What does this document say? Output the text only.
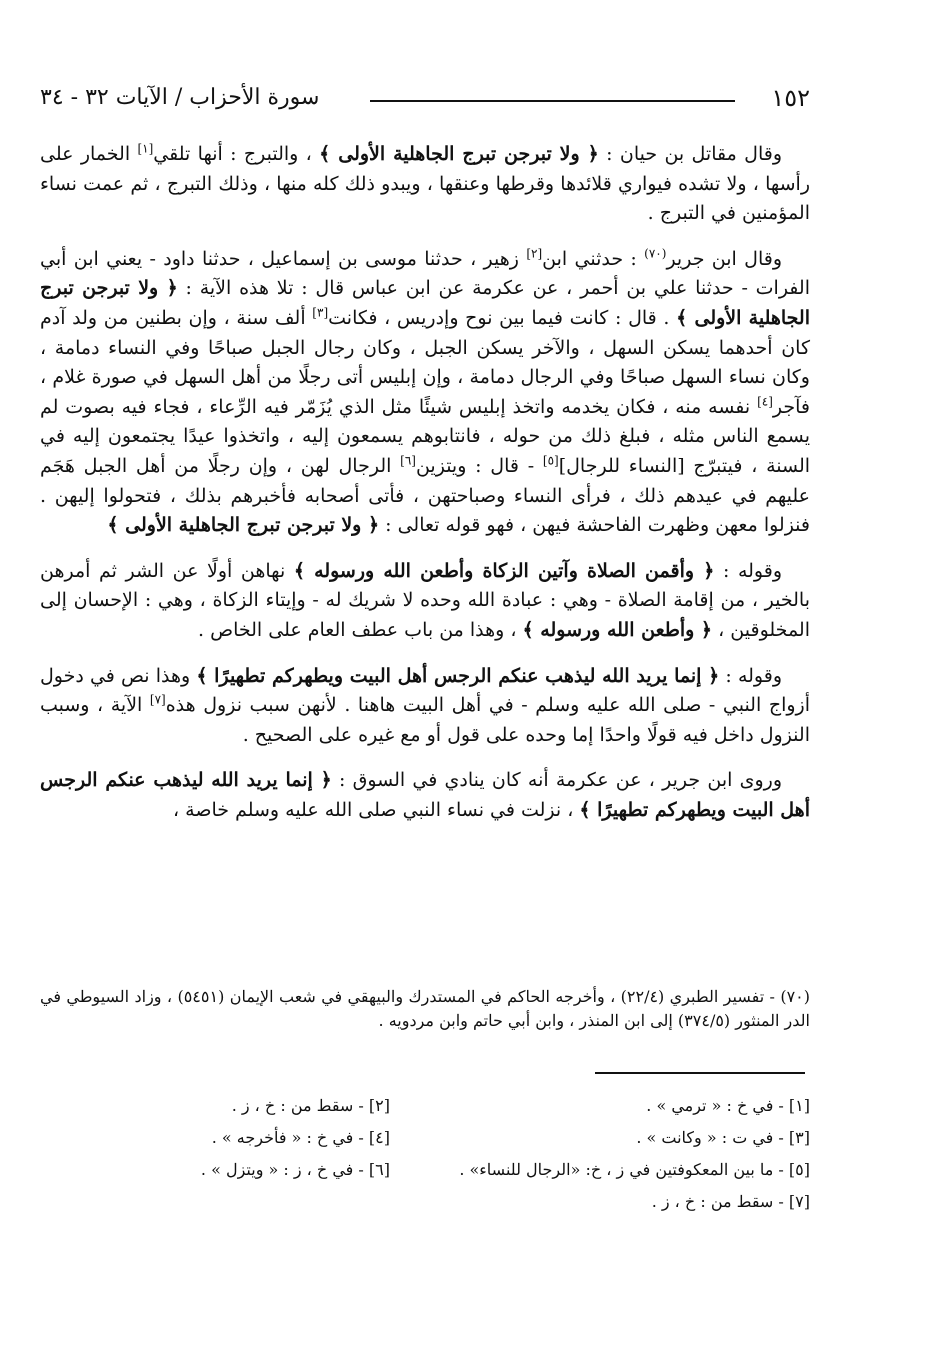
١٥٢
سورة الأحزاب / الآيات ٣٢ - ٣٤

وقال مقاتل بن حيان : ﴿ ولا تبرجن تبرج الجاهلية الأولى ﴾ ، والتبرج : أنها تلقي[١] الخمار على رأسها ، ولا تشده فيواري قلائدها وقرطها وعنقها ، ويبدو ذلك كله منها ، وذلك التبرج ، ثم عمت نساء المؤمنين في التبرج .

وقال ابن جرير$^{(٧٠)}$ : حدثني ابن[٢] زهير ، حدثنا موسى بن إسماعيل ، حدثنا داود - يعني ابن أبي الفرات - حدثنا علي بن أحمر ، عن عكرمة عن ابن عباس قال : تلا هذه الآية : ﴿ ولا تبرجن تبرج الجاهلية الأولى ﴾ . قال : كانت فيما بين نوح وإدريس ، فكانت[٣] ألف سنة ، وإن بطنين من ولد آدم كان أحدهما يسكن السهل ، والآخر يسكن الجبل ، وكان رجال الجبل صباحًا وفي النساء دمامة ، وكان نساء السهل صباحًا وفي الرجال دمامة ، وإن إبليس أتى رجلًا من أهل السهل في صورة غلام ، فآجر[٤] نفسه منه ، فكان يخدمه واتخذ إبليس شيئًا مثل الذي يُزَمّر فيه الرِّعاء ، فجاء فيه بصوت لم يسمع الناس مثله ، فبلغ ذلك من حوله ، فانتابوهم يسمعون إليه ، واتخذوا عيدًا يجتمعون إليه في السنة ، فيتبرّج [النساء للرجال][٥] - قال : ويتزين[٦] الرجال لهن ، وإن رجلًا من أهل الجبل هَجَم عليهم في عيدهم ذلك ، فرأى النساء وصباحتهن ، فأتى أصحابه فأخبرهم بذلك ، فتحولوا إليهن . فنزلوا معهن وظهرت الفاحشة فيهن ، فهو قوله تعالى : ﴿ ولا تبرجن تبرج الجاهلية الأولى ﴾

وقوله : ﴿ وأقمن الصلاة وآتين الزكاة وأطعن الله ورسوله ﴾ نهاهن أولًا عن الشر ثم أمرهن بالخير ، من إقامة الصلاة - وهي : عبادة الله وحده لا شريك له - وإيتاء الزكاة ، وهي : الإحسان إلى المخلوقين ، ﴿ وأطعن الله ورسوله ﴾ ، وهذا من باب عطف العام على الخاص .

وقوله : ﴿ إنما يريد الله ليذهب عنكم الرجس أهل البيت ويطهركم تطهيرًا ﴾ وهذا نص في دخول أزواج النبي - صلى الله عليه وسلم - في أهل البيت هاهنا . لأنهن سبب نزول هذه[٧] الآية ، وسبب النزول داخل فيه قولًا واحدًا إما وحده على قول أو مع غيره على الصحيح .

وروى ابن جرير ، عن عكرمة أنه كان ينادي في السوق : ﴿ إنما يريد الله ليذهب عنكم الرجس أهل البيت ويطهركم تطهيرًا ﴾ ، نزلت في نساء النبي صلى الله عليه وسلم خاصة ،

(٧٠) - تفسير الطبري (٢٢/٤) ، وأخرجه الحاكم في المستدرك والبيهقي في شعب الإيمان (٥٤٥١) ، وزاد السيوطي في الدر المنثور (٣٧٤/٥) إلى ابن المنذر ، وابن أبي حاتم وابن مردويه .
[١] - في خ : « ترمي » .
[٢] - سقط من : خ ، ز .
[٣] - في ت : « وكانت » .
[٤] - في خ : « فأخرجه » .
[٥] - ما بين المعكوفتين في ز ، خ: «الرجال للنساء» .
[٦] - في خ ، ز : « ويتزل » .
[٧] - سقط من : خ ، ز .
